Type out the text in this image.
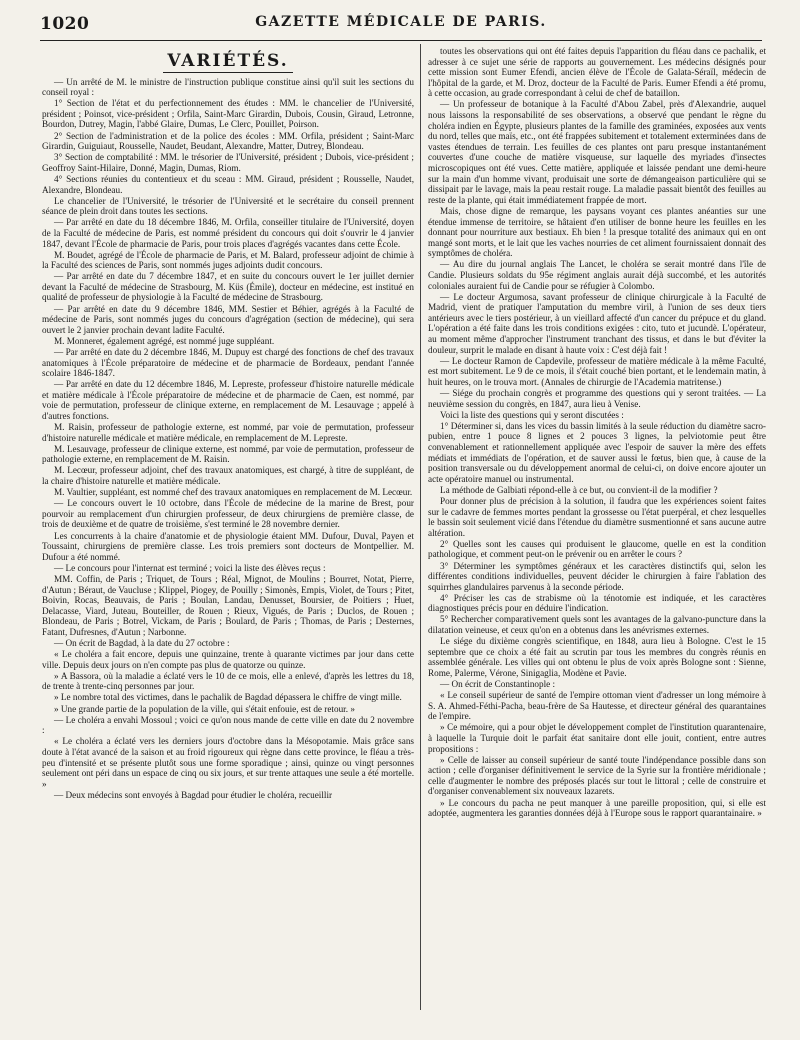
1020	GAZETTE MÉDICALE DE PARIS.
VARIÉTÉS.

— Un arrêté de M. le ministre de l'instruction publique constitue ainsi qu'il suit les sections du conseil royal :

1° Section de l'état et du perfectionnement des études : MM. le chancelier de l'Université, président ; Poinsot, vice-président ; Orfila, Saint-Marc Girardin, Dubois, Cousin, Giraud, Letronne, Bourdon, Dutrey, Magin, l'abbé Glaire, Dumas, Le Clerc, Pouillet, Poirson.

2° Section de l'administration et de la police des écoles : MM. Orfila, président ; Saint-Marc Girardin, Guiguiaut, Rousselle, Naudet, Beudant, Alexandre, Matter, Dutrey, Blondeau.

3° Section de comptabilité : MM. le trésorier de l'Université, président ; Dubois, vice-président ; Geoffroy Saint-Hilaire, Donné, Magin, Dumas, Riom.

4° Sections réunies du contentieux et du sceau : MM. Giraud, président ; Rousselle, Naudet, Alexandre, Blondeau.

Le chancelier de l'Université, le trésorier de l'Université et le secrétaire du conseil prennent séance de plein droit dans toutes les sections.

— Par arrêté en date du 18 décembre 1846, M. Orfila, conseiller titulaire de l'Université, doyen de la Faculté de médecine de Paris, est nommé président du concours qui doit s'ouvrir le 4 janvier 1847, devant l'École de pharmacie de Paris, pour trois places d'agrégés vacantes dans cette École.

M. Boudet, agrégé de l'École de pharmacie de Paris, et M. Balard, professeur adjoint de chimie à la Faculté des sciences de Paris, sont nommés juges adjoints dudit concours.

— Par arrêté en date du 7 décembre 1847, et en suite du concours ouvert le 1er juillet dernier devant la Faculté de médecine de Strasbourg, M. Küs (Émile), docteur en médecine, est institué en qualité de professeur de physiologie à la Faculté de médecine de Strasbourg.

— Par arrêté en date du 9 décembre 1846, MM. Sestier et Béhier, agrégés à la Faculté de médecine de Paris, sont nommés juges du concours d'agrégation (section de médecine), qui sera ouvert le 2 janvier prochain devant ladite Faculté.

M. Monneret, également agrégé, est nommé juge suppléant.

— Par arrêté en date du 2 décembre 1846, M. Dupuy est chargé des fonctions de chef des travaux anatomiques à l'École préparatoire de médecine et de pharmacie de Bordeaux, pendant l'année scolaire 1846-1847.

— Par arrêté en date du 12 décembre 1846, M. Lepreste, professeur d'histoire naturelle médicale et matière médicale à l'École préparatoire de médecine et de pharmacie de Caen, est nommé, par voie de permutation, professeur de clinique externe, en remplacement de M. Lesauvage ; appelé à d'autres fonctions.

M. Raisin, professeur de pathologie externe, est nommé, par voie de permutation, professeur d'histoire naturelle médicale et matière médicale, en remplacement de M. Lepreste.

M. Lesauvage, professeur de clinique externe, est nommé, par voie de permutation, professeur de pathologie externe, en remplacement de M. Raisin.

M. Lecœur, professeur adjoint, chef des travaux anatomiques, est chargé, à titre de suppléant, de la chaire d'histoire naturelle et matière médicale.

M. Vaultier, suppléant, est nommé chef des travaux anatomiques en remplacement de M. Lecœur.

— Le concours ouvert le 10 octobre, dans l'École de médecine de la marine de Brest, pour pourvoir au remplacement d'un chirurgien professeur, de deux chirurgiens de première classe, de trois de deuxième et de quatre de troisième, s'est terminé le 28 novembre dernier.

Les concurrents à la chaire d'anatomie et de physiologie étaient MM. Dufour, Duval, Payen et Toussaint, chirurgiens de première classe. Les trois premiers sont docteurs de Montpellier. M. Dufour a été nommé.

— Le concours pour l'internat est terminé ; voici la liste des élèves reçus :

MM. Coffin, de Paris ; Triquet, de Tours ; Réal, Mignot, de Moulins ; Bourret, Notat, Pierre, d'Autun ; Béraut, de Vaucluse ; Klippel, Piogey, de Pouilly ; Simonès, Empis, Violet, de Tours ; Pitet, Boivin, Rocas, Beauvais, de Paris ; Boulan, Landau, Denusset, Boursier, de Poitiers ; Huet, Delacasse, Viard, Juteau, Bouteiller, de Rouen ; Rieux, Vigués, de Paris ; Duclos, de Rouen ; Blondeau, de Paris ; Botrel, Vickam, de Paris ; Boulard, de Paris ; Thomas, de Paris ; Desternes, Fatant, Dufresnes, d'Autun ; Narbonne.

— On écrit de Bagdad, à la date du 27 octobre :

« Le choléra a fait encore, depuis une quinzaine, trente à quarante victimes par jour dans cette ville. Depuis deux jours on n'en compte pas plus de quatorze ou quinze.

» A Bassora, où la maladie a éclaté vers le 10 de ce mois, elle a enlevé, d'après les lettres du 18, de trente à trente-cinq personnes par jour.

» Le nombre total des victimes, dans le pachalik de Bagdad dépassera le chiffre de vingt mille.

» Une grande partie de la population de la ville, qui s'était enfouie, est de retour. »

— Le choléra a envahi Mossoul ; voici ce qu'on nous mande de cette ville en date du 2 novembre :

« Le choléra a éclaté vers les derniers jours d'octobre dans la Mésopotamie. Mais grâce sans doute à l'état avancé de la saison et au froid rigoureux qui règne dans cette province, le fléau a très-peu d'intensité et se présente plutôt sous une forme sporadique ; ainsi, quinze ou vingt personnes seulement ont péri dans un espace de cinq ou six jours, et sur trente attaques une seule a été mortelle. »

— Deux médecins sont envoyés à Bagdad pour étudier le choléra, recueillir

toutes les observations qui ont été faites depuis l'apparition du fléau dans ce pachalik, et adresser à ce sujet une série de rapports au gouvernement. Les médecins désignés pour cette mission sont Eumer Efendi, ancien élève de l'École de Galata-Séraïl, médecin de l'hôpital de la garde, et M. Droz, docteur de la Faculté de Paris. Eumer Efendi a été promu, à cette occasion, au grade correspondant à celui de chef de bataillon.

— Un professeur de botanique à la Faculté d'Abou Zabel, près d'Alexandrie, auquel nous laissons la responsabilité de ses observations, a observé que pendant le règne du choléra indien en Égypte, plusieurs plantes de la famille des graminées, exposées aux vents du nord, telles que maïs, etc., ont été frappées subitement et totalement exterminées dans de vastes étendues de terrain. Les feuilles de ces plantes ont paru presque instantanément couvertes d'une couche de matière visqueuse, sur laquelle des myriades d'insectes microscopiques ont été vues. Cette matière, appliquée et laissée pendant une demi-heure sur la main d'un homme vivant, produisait une sorte de démangeaison particulière qui se dissipait par le lavage, mais la peau restait rouge. La maladie passait bientôt des feuilles au reste de la plante, qui était immédiatement frappée de mort.

Mais, chose digne de remarque, les paysans voyant ces plantes anéanties sur une étendue immense de territoire, se hâtaient d'en utiliser de bonne heure les feuilles en les donnant pour nourriture aux bestiaux. Eh bien ! la presque totalité des animaux qui en ont mangé sont morts, et le lait que les vaches nourries de cet aliment fournissaient donnait des symptômes de choléra.

— Au dire du journal anglais The Lancet, le choléra se serait montré dans l'île de Candie. Plusieurs soldats du 95e régiment anglais aurait déjà succombé, et les autorités coloniales auraient fui de Candie pour se réfugier à Colombo.

— Le docteur Argumosa, savant professeur de clinique chirurgicale à la Faculté de Madrid, vient de pratiquer l'amputation du membre viril, à l'union de ses deux tiers antérieurs avec le tiers postérieur, à un vieillard affecté d'un cancer du prépuce et du gland. L'opération a été faite dans les trois conditions exigées : cito, tuto et jucundè. L'opérateur, au moment même d'approcher l'instrument tranchant des tissus, et dans le but d'éviter la douleur, surprit le malade en disant à haute voix : C'est déjà fait !

— Le docteur Ramon de Capdevile, professeur de matière médicale à la même Faculté, est mort subitement. Le 9 de ce mois, il s'était couché bien portant, et le lendemain matin, à huit heures, on le trouva mort. (Annales de chirurgie de l'Academia matritense.)

— Siége du prochain congrès et programme des questions qui y seront traitées. — La neuvième session du congrès, en 1847, aura lieu à Venise.

Voici la liste des questions qui y seront discutées :

1° Déterminer si, dans les vices du bassin limités à la seule réduction du diamètre sacro-pubien, entre 1 pouce 8 lignes et 2 pouces 3 lignes, la pelviotomie peut être convenablement et rationnellement appliquée avec l'espoir de sauver la mère des effets médiats et immédiats de l'opération, et de sauver aussi le fœtus, bien que, à cause de la position transversale ou du développement anormal de celui-ci, on doive encore ajouter un acte opératoire manuel ou instrumental.

La méthode de Galbiati répond-elle à ce but, ou convient-il de la modifier ?

Pour donner plus de précision à la solution, il faudra que les expériences soient faites sur le cadavre de femmes mortes pendant la grossesse ou l'état puerpéral, et chez lesquelles le bassin soit seulement vicié dans l'étendue du diamètre susmentionné et sans aucune autre altération.

2° Quelles sont les causes qui produisent le glaucome, quelle en est la condition pathologique, et comment peut-on le prévenir ou en arrêter le cours ?

3° Déterminer les symptômes généraux et les caractères distinctifs qui, selon les différentes conditions individuelles, peuvent décider le chirurgien à faire l'ablation des squirrhes glandulaires parvenus à la seconde période.

4° Préciser les cas de strabisme où la ténotomie est indiquée, et les caractères diagnostiques précis pour en déduire l'indication.

5° Rechercher comparativement quels sont les avantages de la galvano-puncture dans la dilatation veineuse, et ceux qu'on en a obtenus dans les anévrismes externes.

Le siége du dixième congrès scientifique, en 1848, aura lieu à Bologne. C'est le 15 septembre que ce choix a été fait au scrutin par tous les membres du congrès réunis en assemblée générale. Les villes qui ont obtenu le plus de voix après Bologne sont : Sienne, Rome, Palerme, Vérone, Sinigaglia, Modène et Pavie.

— On écrit de Constantinople :

« Le conseil supérieur de santé de l'empire ottoman vient d'adresser un long mémoire à S. A. Ahmed-Féthi-Pacha, beau-frère de Sa Hautesse, et directeur général des quarantaines de l'empire.

» Ce mémoire, qui a pour objet le développement complet de l'institution quarantenaire, à laquelle la Turquie doit le parfait état sanitaire dont elle jouit, contient, entre autres propositions :

» Celle de laisser au conseil supérieur de santé toute l'indépendance possible dans son action ; celle d'organiser définitivement le service de la Syrie sur la frontière méridionale ; celle d'augmenter le nombre des préposés placés sur tout le littoral ; celle de construire et d'organiser convenablement six nouveaux lazarets.

» Le concours du pacha ne peut manquer à une pareille proposition, qui, si elle est adoptée, augmentera les garanties données déjà à l'Europe sous le rapport quarantainaire. »
